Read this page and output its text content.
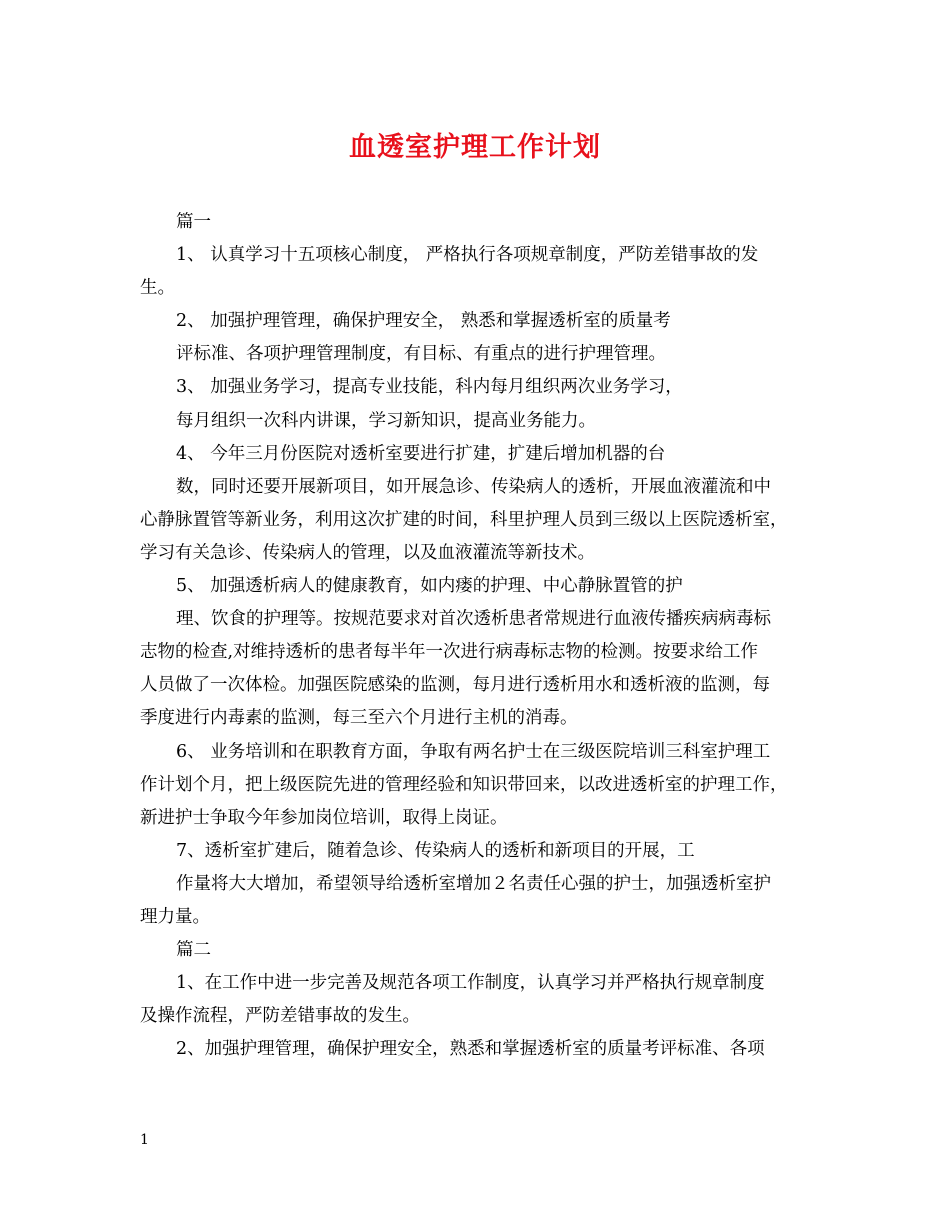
血透室护理工作计划
篇一
1、 认真学习十五项核心制度， 严格执行各项规章制度，严防差错事故的发
生。
2、 加强护理管理，确保护理安全， 熟悉和掌握透析室的质量考
评标准、各项护理管理制度，有目标、有重点的进行护理管理。
3、 加强业务学习，提高专业技能，科内每月组织两次业务学习，
每月组织一次科内讲课，学习新知识，提高业务能力。
4、 今年三月份医院对透析室要进行扩建，扩建后增加机器的台
数，同时还要开展新项目，如开展急诊、传染病人的透析，开展血液灌流和中
心静脉置管等新业务，利用这次扩建的时间，科里护理人员到三级以上医院透析室，
学习有关急诊、传染病人的管理，以及血液灌流等新技术。
5、 加强透析病人的健康教育，如内瘘的护理、中心静脉置管的护
理、饮食的护理等。按规范要求对首次透析患者常规进行血液传播疾病病毒标
志物的检查,对维持透析的患者每半年一次进行病毒标志物的检测。按要求给工作
人员做了一次体检。加强医院感染的监测，每月进行透析用水和透析液的监测，每
季度进行内毒素的监测，每三至六个月进行主机的消毒。
6、 业务培训和在职教育方面，争取有两名护士在三级医院培训三科室护理工
作计划个月，把上级医院先进的管理经验和知识带回来，以改进透析室的护理工作，
新进护士争取今年参加岗位培训，取得上岗证。
7、透析室扩建后，随着急诊、传染病人的透析和新项目的开展，工
作量将大大增加，希望领导给透析室增加２名责任心强的护士，加强透析室护
理力量。
篇二
1、在工作中进一步完善及规范各项工作制度，认真学习并严格执行规章制度
及操作流程，严防差错事故的发生。
2、加强护理管理，确保护理安全，熟悉和掌握透析室的质量考评标准、各项
1
